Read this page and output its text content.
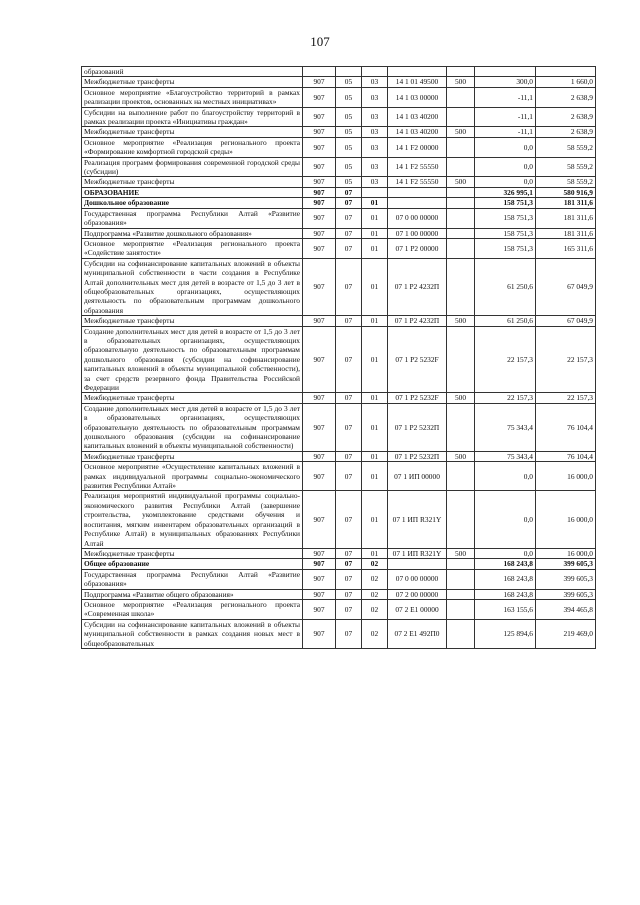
107
образований							
Межбюджетные трансферты	907	05	03	14 1 01 49500	500	300,0	1 660,0
Основное мероприятие «Благоустройство территорий в рамках реализации проектов, основанных на местных инициативах»	907	05	03	14 1 03 00000		-11,1	2 638,9
Субсидии на выполнение работ по благоустройству территорий в рамках реализации проекта «Инициативы граждан»	907	05	03	14 1 03 40200		-11,1	2 638,9
Межбюджетные трансферты	907	05	03	14 1 03 40200	500	-11,1	2 638,9
Основное мероприятие «Реализация регионального проекта «Формирование комфортной городской среды»	907	05	03	14 1 F2 00000		0,0	58 559,2
Реализация программ формирования современной городской среды (субсидии)	907	05	03	14 1 F2 55550		0,0	58 559,2
Межбюджетные трансферты	907	05	03	14 1 F2 55550	500	0,0	58 559,2
ОБРАЗОВАНИЕ	907	07				326 995,1	580 916,9
Дошкольное образование	907	07	01			158 751,3	181 311,6
Государственная программа Республики Алтай «Развитие образования»	907	07	01	07 0 00 00000		158 751,3	181 311,6
Подпрограмма «Развитие дошкольного образования»	907	07	01	07 1 00 00000		158 751,3	181 311,6
Основное мероприятие «Реализация регионального проекта «Содействие занятости»	907	07	01	07 1 P2 00000		158 751,3	165 311,6
Субсидии на софинансирование капитальных вложений в объекты муниципальной собственности в части создания в Республике Алтай дополнительных мест для детей в возрасте от 1,5 до 3 лет в общеобразовательных организациях, осуществляющих деятельность по образовательным программам дошкольного образования	907	07	01	07 1 P2 4232П		61 250,6	67 049,9
Межбюджетные трансферты	907	07	01	07 1 P2 4232П	500	61 250,6	67 049,9
Создание дополнительных мест для детей в возрасте от 1,5 до 3 лет в образовательных организациях, осуществляющих образовательную деятельность по образовательным программам дошкольного образования (субсидии на софинансирование капитальных вложений в объекты муниципальной собственности), за счет средств резервного фонда Правительства Российской Федерации	907	07	01	07 1 P2 5232F		22 157,3	22 157,3
Межбюджетные трансферты	907	07	01	07 1 P2 5232F	500	22 157,3	22 157,3
Создание дополнительных мест для детей в возрасте от 1,5 до 3 лет в образовательных организациях, осуществляющих образовательную деятельность по образовательным программам дошкольного образования (субсидии на софинансирование капитальных вложений в объекты муниципальной собственности)	907	07	01	07 1 P2 5232П		75 343,4	76 104,4
Межбюджетные трансферты	907	07	01	07 1 P2 5232П	500	75 343,4	76 104,4
Основное мероприятие «Осуществление капитальных вложений в рамках индивидуальной программы социально-экономического развития Республики Алтай»	907	07	01	07 1 ИП 00000		0,0	16 000,0
Реализация мероприятий индивидуальной программы социально-экономического развития Республики Алтай (завершение строительства, укомплектование средствами обучения и воспитания, мягким инвентарем образовательных организаций в Республике Алтай) в муниципальных образованиях Республики Алтай	907	07	01	07 1 ИП R321Y		0,0	16 000,0
Межбюджетные трансферты	907	07	01	07 1 ИП R321Y	500	0,0	16 000,0
Общее образование	907	07	02			168 243,8	399 605,3
Государственная программа Республики Алтай «Развитие образования»	907	07	02	07 0 00 00000		168 243,8	399 605,3
Подпрограмма «Развитие общего образования»	907	07	02	07 2 00 00000		168 243,8	399 605,3
Основное мероприятие «Реализация регионального проекта «Современная школа»	907	07	02	07 2 E1 00000		163 155,6	394 465,8
Субсидии на софинансирование капитальных вложений в объекты муниципальной собственности в рамках создания новых мест в общеобразовательных	907	07	02	07 2 E1 492П0		125 894,6	219 469,0
